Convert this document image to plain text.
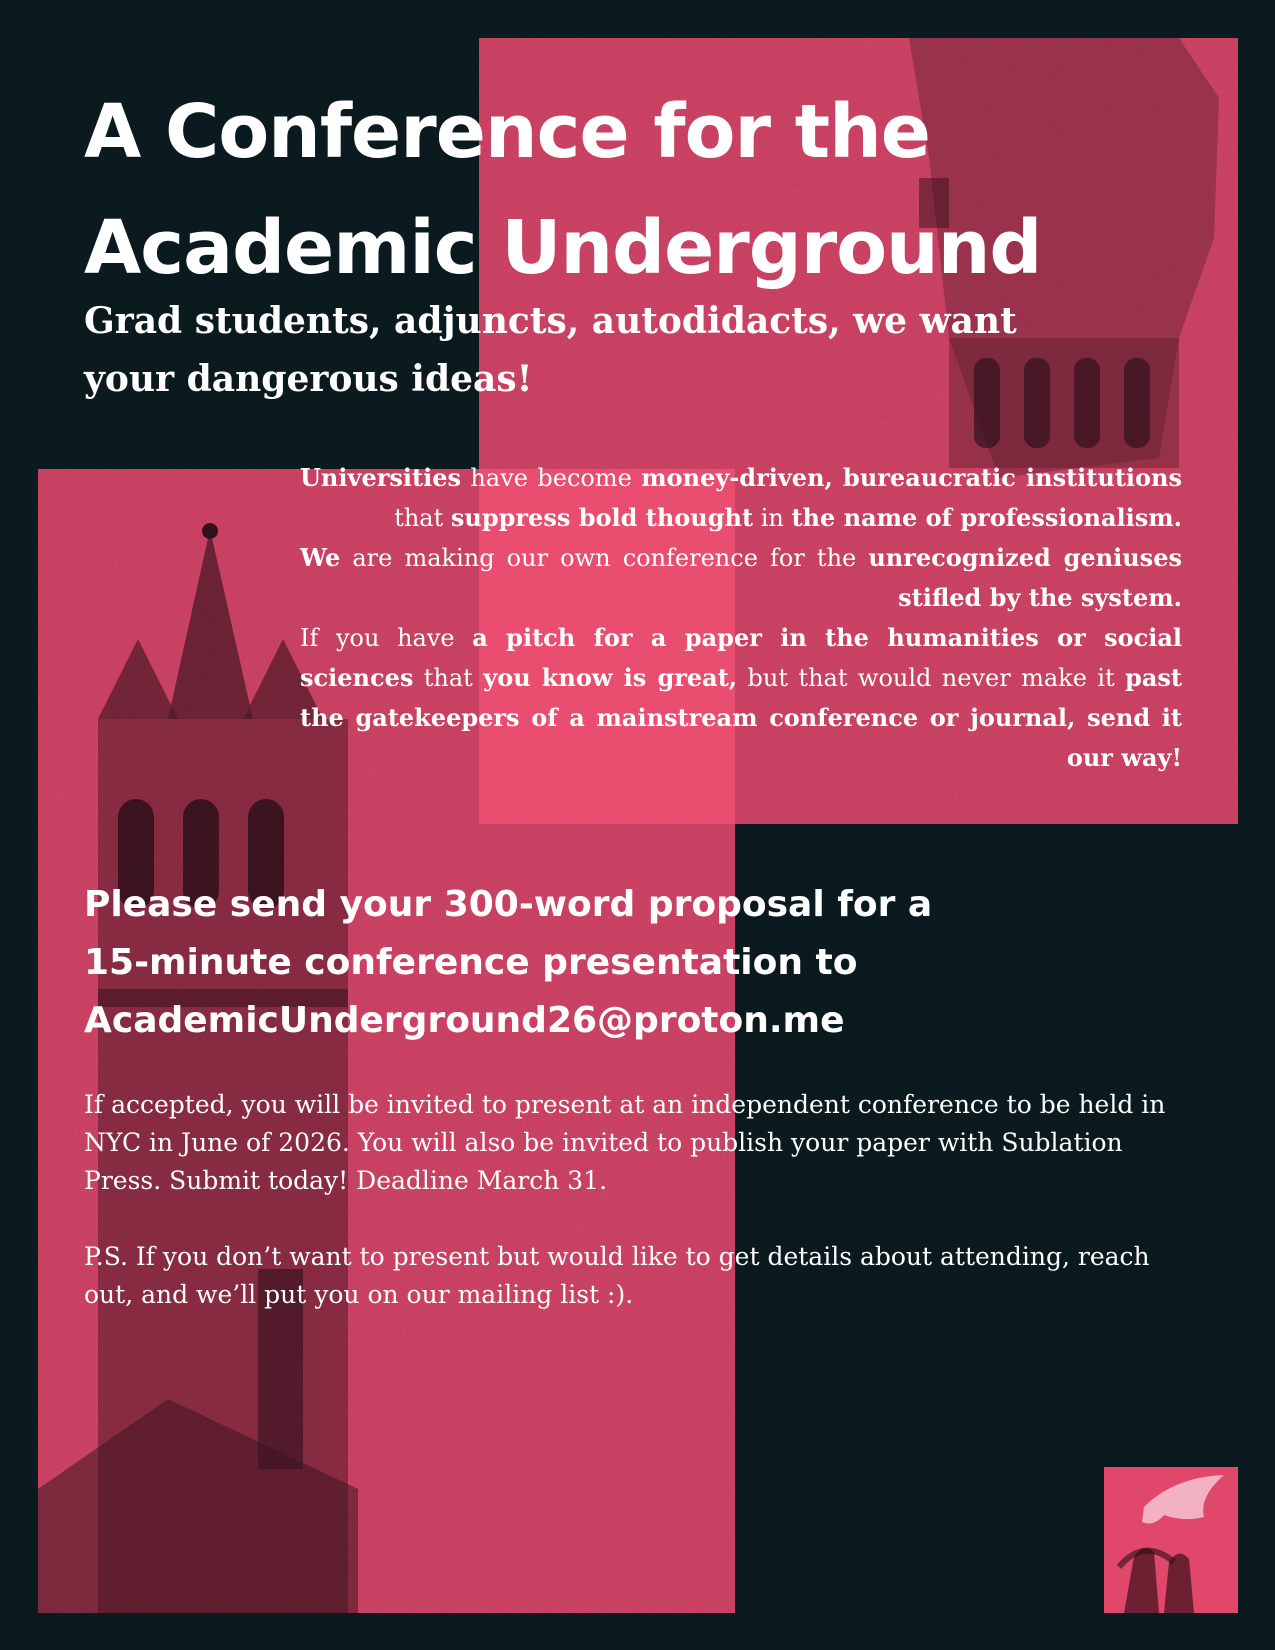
A Conference for the
Academic Underground
Grad students, adjuncts, autodidacts, we want
your dangerous ideas!

Universities have become money-driven, bureaucratic institutions that suppress bold thought in the name of professionalism.

We are making our own conference for the unrecognized geniuses stifled by the system.

If you have a pitch for a paper in the humanities or social sciences that you know is great, but that would never make it past the gatekeepers of a mainstream conference or journal, send it our way!

Please send your 300-word proposal for a
15-minute conference presentation to
AcademicUnderground26@proton.me

If accepted, you will be invited to present at an independent conference to be held in NYC in June of 2026. You will also be invited to publish your paper with Sublation Press. Submit today! Deadline March 31.

P.S. If you don’t want to present but would like to get details about attending, reach out, and we’ll put you on our mailing list :).
